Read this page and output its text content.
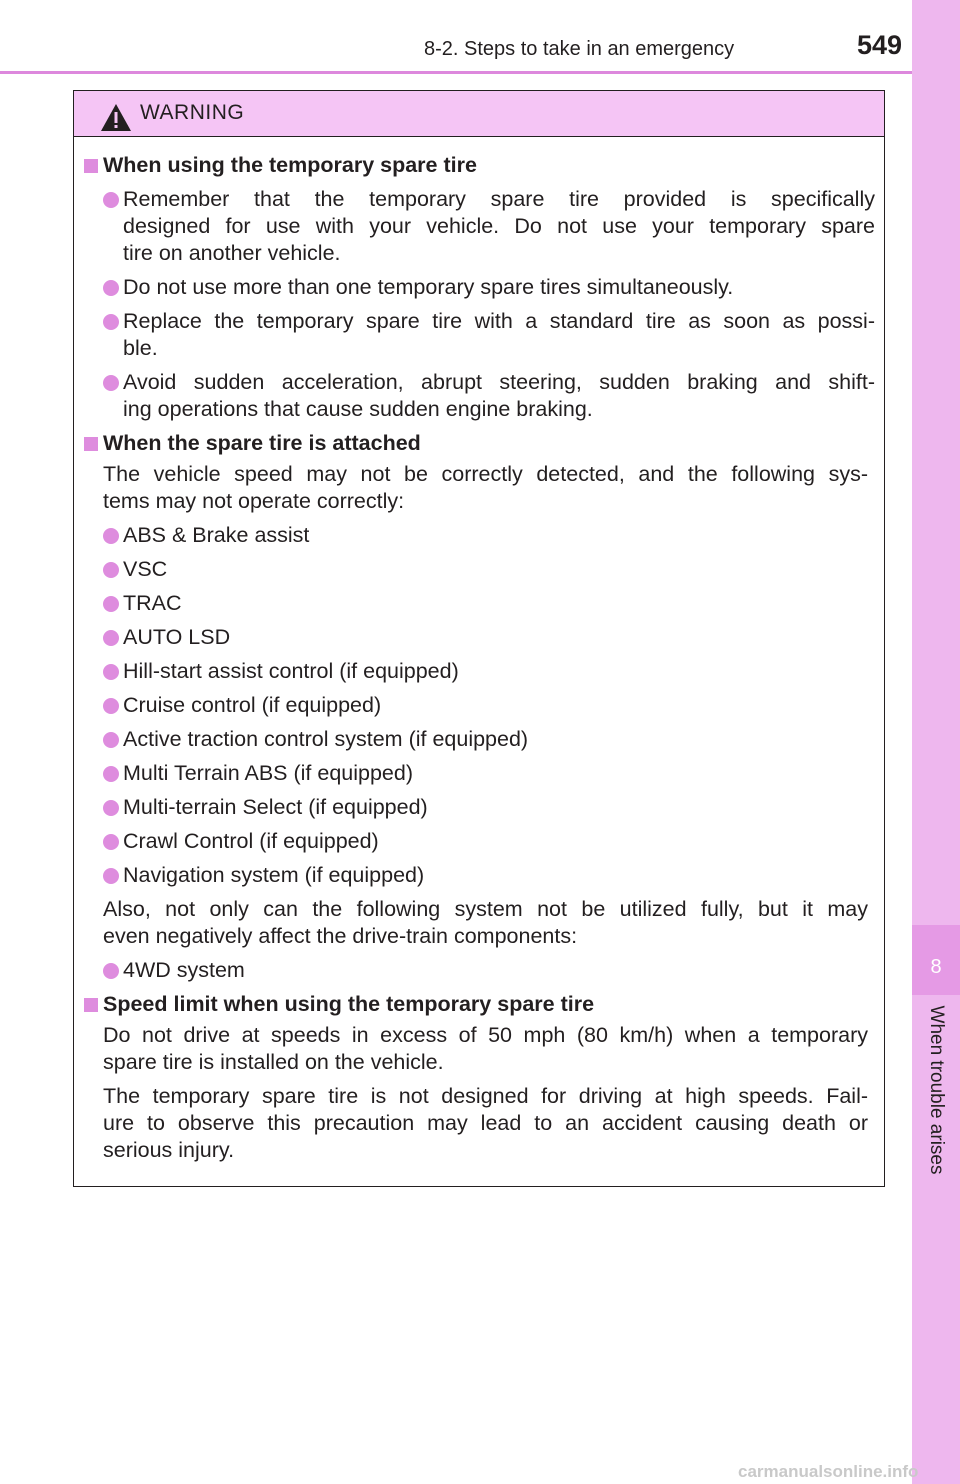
8
When trouble arises
8-2. Steps to take in an emergency	549
WARNING
When using the temporary spare tire
Remember that the temporary spare tire provided is specifically
designed for use with your vehicle. Do not use your temporary spare
tire on another vehicle.
Do not use more than one temporary spare tires simultaneously.
Replace the temporary spare tire with a standard tire as soon as possi-
ble.
Avoid sudden acceleration, abrupt steering, sudden braking and shift-
ing operations that cause sudden engine braking.
When the spare tire is attached
The vehicle speed may not be correctly detected, and the following sys-
tems may not operate correctly:
ABS & Brake assist
VSC
TRAC
AUTO LSD
Hill-start assist control (if equipped)
Cruise control (if equipped)
Active traction control system (if equipped)
Multi Terrain ABS (if equipped)
Multi-terrain Select (if equipped)
Crawl Control (if equipped)
Navigation system (if equipped)
Also, not only can the following system not be utilized fully, but it may
even negatively affect the drive-train components:
4WD system
Speed limit when using the temporary spare tire
Do not drive at speeds in excess of 50 mph (80 km/h) when a temporary
spare tire is installed on the vehicle.
The temporary spare tire is not designed for driving at high speeds. Fail-
ure to observe this precaution may lead to an accident causing death or
serious injury.
carmanualsonline.info
